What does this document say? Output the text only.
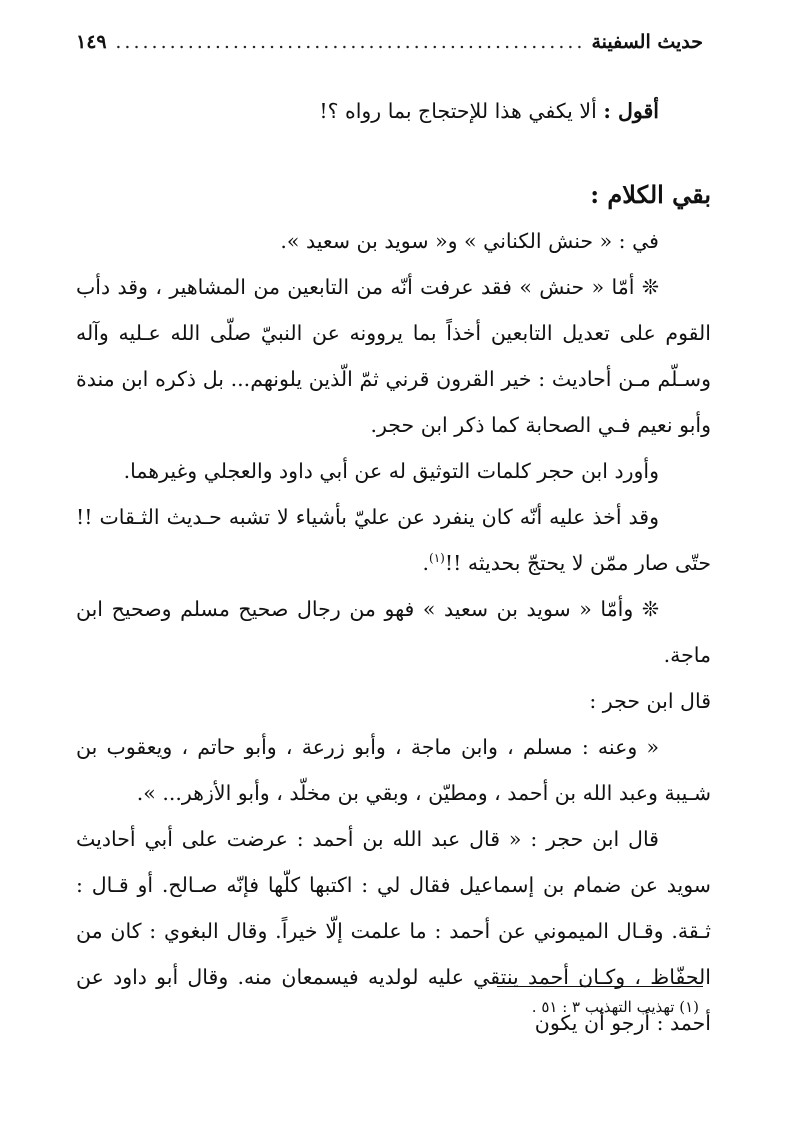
حديث السفينة
.....
١٤٩

أقول : ألا يكفي هذا للإحتجاج بما رواه ؟!

بقي الكلام :

في : « حنش الكناني » و« سويد بن سعيد ».

❊ أمّا « حنش » فقد عرفت أنّه من التابعين من المشاهير ، وقد دأب القوم على تعديل التابعين أخذاً بما يروونه عن النبيّ صلّى الله عـليه وآله وسـلّم مـن أحاديث : خير القرون قرني ثمّ الّذين يلونهم... بل ذكره ابن مندة وأبو نعيم فـي الصحابة كما ذكر ابن حجر.

وأورد ابن حجر كلمات التوثيق له عن أبي داود والعجلي وغيرهما.

وقد أخذ عليه أنّه كان ينفرد عن عليّ بأشياء لا تشبه حـديث الثـقات !! حتّى صار ممّن لا يحتجّ بحديثه !!$^{(١)}$.

❊ وأمّا « سويد بن سعيد » فهو من رجال صحيح مسلم وصحيح ابن ماجة.

قال ابن حجر :

« وعنه : مسلم ، وابن ماجة ، وأبو زرعة ، وأبو حاتم ، ويعقوب بن شـيبة وعبد الله بن أحمد ، ومطيّن ، وبقي بن مخلّد ، وأبو الأزهر... ».

قال ابن حجر : « قال عبد الله بن أحمد : عرضت على أبي أحاديث سويد عن ضمام بن إسماعيل فقال لي : اكتبها كلّها فإنّه صـالح. أو قـال : ثـقة. وقـال الميموني عن أحمد : ما علمت إلّا خيراً. وقال البغوي : كان من الحفّاظ ، وكـان أحمد ينتقي عليه لولديه فيسمعان منه. وقال أبو داود عن أحمد : أرجو أن يكون

(١) تهذيب التهذيب ٣ : ٥١ .
